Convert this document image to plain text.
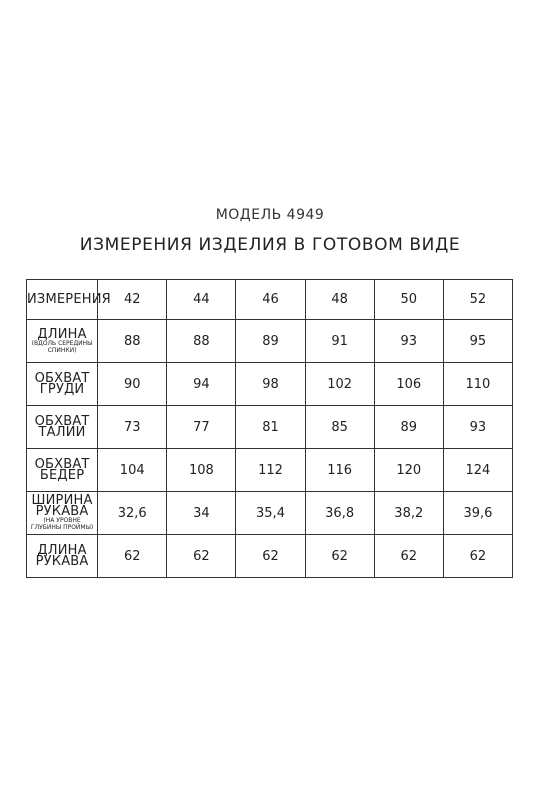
МОДЕЛЬ 4949
ИЗМЕРЕНИЯ ИЗДЕЛИЯ В ГОТОВОМ ВИДЕ
ИЗМЕРЕНИЯ	42	44	46	48	50	52

ДЛИНА
(ВДОЛЬ СЕРЕДИНЫ
СПИНКИ)	88	88	89	91	93	95

ОБХВАТ
ГРУДИ	90	94	98	102	106	110

ОБХВАТ
ТАЛИИ	73	77	81	85	89	93

ОБХВАТ
БЕДЕР	104	108	112	116	120	124

ШИРИНА
РУКАВА
(НА УРОВНЕ
ГЛУБИНЫ ПРОЙМЫ)	32,6	34	35,4	36,8	38,2	39,6

ДЛИНА
РУКАВА	62	62	62	62	62	62
